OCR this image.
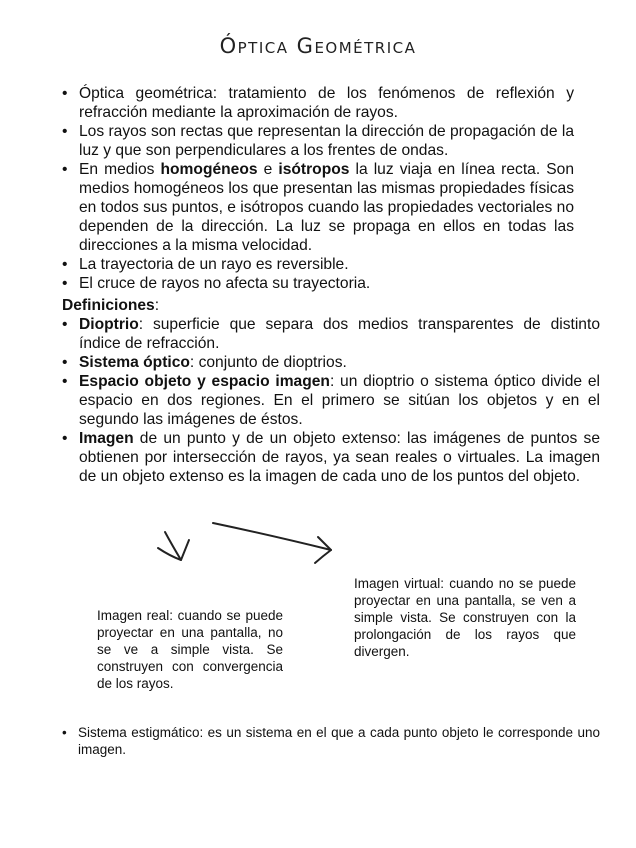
Óptica Geométrica
• Óptica geométrica: tratamiento de los fenómenos de reflexión y refracción mediante la aproximación de rayos.
• Los rayos son rectas que representan la dirección de propagación de la luz y que son perpendiculares a los frentes de ondas.
• En medios homogéneos e isótropos la luz viaja en línea recta. Son medios homogéneos los que presentan las mismas propiedades físicas en todos sus puntos, e isótropos cuando las propiedades vectoriales no dependen de la dirección. La luz se propaga en ellos en todas las direcciones a la misma velocidad.
• La trayectoria de un rayo es reversible.
• El cruce de rayos no afecta su trayectoria.
Definiciones:
• Dioptrio: superficie que separa dos medios transparentes de distinto índice de refracción.
• Sistema óptico: conjunto de dioptrios.
• Espacio objeto y espacio imagen: un dioptrio o sistema óptico divide el espacio en dos regiones. En el primero se sitúan los objetos y en el segundo las imágenes de éstos.
• Imagen de un punto y de un objeto extenso: las imágenes de puntos se obtienen por intersección de rayos, ya sean reales o virtuales. La imagen de un objeto extenso es la imagen de cada uno de los puntos del objeto.
Imagen real: cuando se puede proyectar en una pantalla, no se ve a simple vista. Se construyen con convergencia de los rayos.
Imagen virtual: cuando no se puede proyectar en una pantalla, se ven a simple vista. Se construyen con la prolongación de los rayos que divergen.
• Sistema estigmático: es un sistema en el que a cada punto objeto le corresponde uno imagen.
